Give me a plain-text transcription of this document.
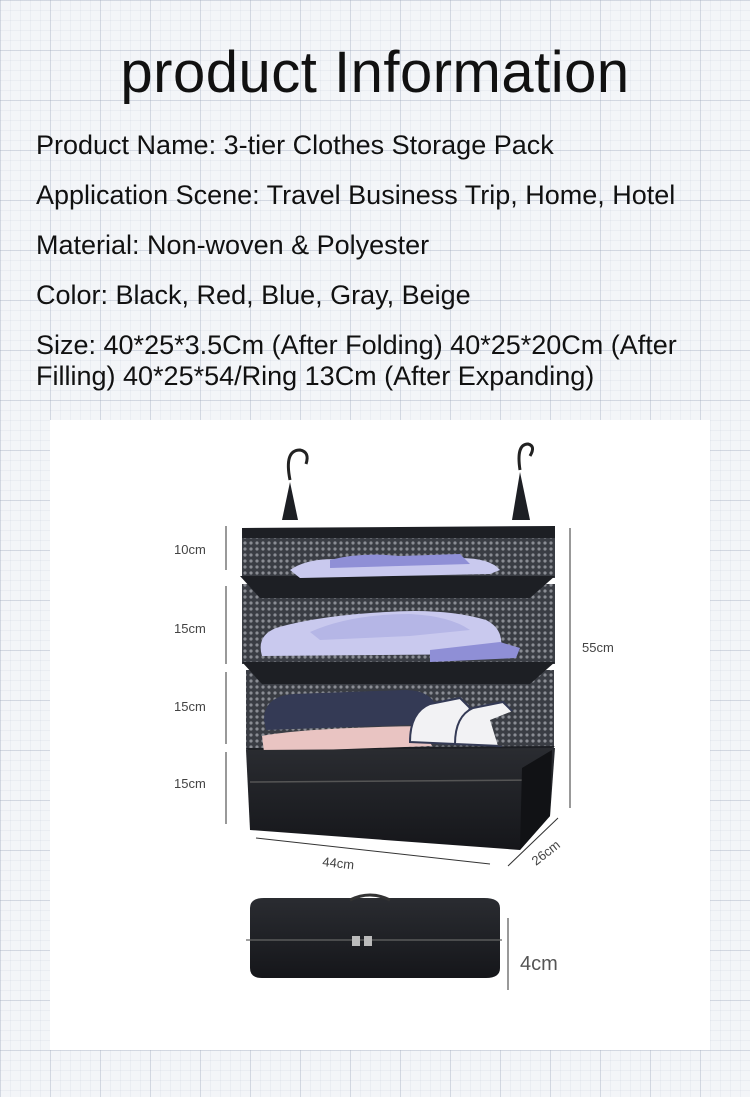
product Information
Product Name: 3-tier Clothes Storage Pack
Application Scene: Travel Business Trip, Home, Hotel
Material: Non-woven & Polyester
Color: Black, Red, Blue, Gray, Beige
Size: 40*25*3.5Cm (After Folding) 40*25*20Cm (After Filling) 40*25*54/Ring 13Cm (After Expanding)
10cm
15cm
15cm
15cm
55cm
44cm	26cm
4cm
